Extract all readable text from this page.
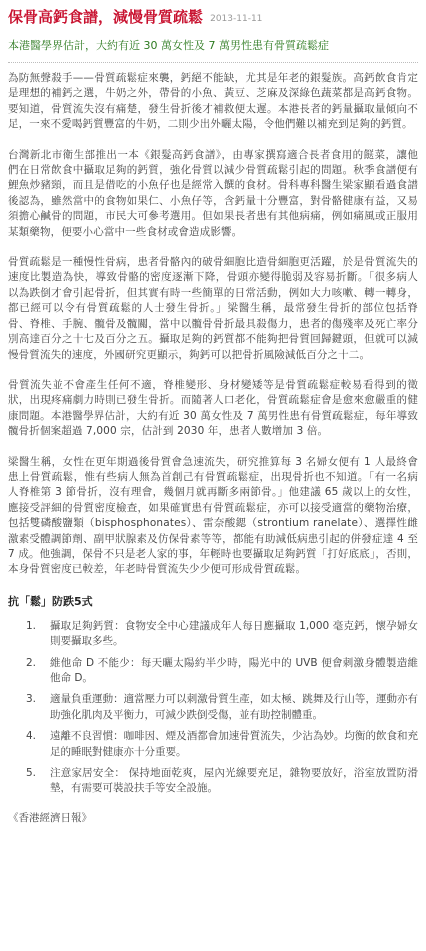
保骨高鈣食譜，減慢骨質疏鬆 2013-11-11
本港醫學界估計，大約有近 30 萬女性及 7 萬男性患有骨質疏鬆症

為防無聲殺手——骨質疏鬆症來襲，鈣絕不能缺，尤其是年老的銀髮族。高鈣飲食肯定是理想的補鈣之選，牛奶之外，帶骨的小魚、黃豆、芝麻及深綠色蔬菜都是高鈣食物。要知道，骨質流失沒有痛楚，發生骨折後才補救便太遲。本港長者的鈣量攝取量傾向不足，一來不愛喝鈣質豐富的牛奶，二則少出外曬太陽，令他們難以補充到足夠的鈣質。

台灣新北市衛生部推出一本《銀髮高鈣食譜》，由專家撰寫適合長者食用的餸菜，讓他們在日常飲食中攝取足夠的鈣質，強化骨質以減少骨質疏鬆引起的問題。秋季食譜便有鯉魚炒豬頸，而且是借吃的小魚仔也是經常入饌的食材。骨科專科醫生梁家顯看過食譜後認為，雖然當中的食物如果仁、小魚仔等，含鈣量十分豐富，對骨骼健康有益，又易須擔心鹹骨的問題，市民大可參考選用。但如果長者患有其他病痛，例如痛風或正服用某類藥物，便要小心當中一些食材或會造成影響。

骨質疏鬆是一種慢性骨病，患者骨骼內的破骨細胞比造骨細胞更活躍，於是骨質流失的速度比製造為快，導致骨骼的密度逐漸下降，骨頭亦變得脆弱及容易折斷。「很多病人以為跌倒才會引起骨折，但其實有時一些簡單的日常活動，例如大力咳嗽、轉一轉身，都已經可以令有骨質疏鬆的人士發生骨折。」梁醫生稱，最常發生骨折的部位包括脊骨、脊椎、手腕、髖骨及髖關，當中以髖骨骨折最具殺傷力，患者的傷殘率及死亡率分別高達百分之十七及百分之五。攝取足夠的鈣質都不能夠把骨質回歸鍵頭，但就可以減慢骨質流失的速度，外國研究更顯示，夠鈣可以把骨折風險減低百分之十二。

骨質流失並不會產生任何不適，脊椎變形、身材變矮等是骨質疏鬆症較易看得到的徵狀，出現疼痛劇力時則已發生骨折。而隨著人口老化，骨質疏鬆症會是愈來愈嚴重的健康問題。本港醫學界估計，大約有近 30 萬女性及 7 萬男性患有骨質疏鬆症，每年導致髖骨折個案超過 7,000 宗，估計到 2030 年，患者人數增加 3 倍。

梁醫生稱，女性在更年期過後骨質會急速流失，研究推算每 3 名婦女便有 1 人最終會患上骨質疏鬆，惟有些病人無為首創己有骨質疏鬆症，出現骨折也不知道。「有一名病人脊椎第 3 節骨折，沒有理會，幾個月就再斷多兩節骨。」他建議 65 歲以上的女性，應接受評細的骨質密度檢查，如果確實患有骨質疏鬆症，亦可以接受適當的藥物治療，包括雙磷酸鹽類（bisphosphonates）、雷奈酸鍶（strontium ranelate）、選擇性雌激素受體調節劑、副甲狀腺素及仿保骨素等等，都能有助減低病患引起的併發症達 4 至 7 成。他強調，保骨不只是老人家的事，年輕時也要攝取足夠鈣質「打好底底」，否則，本身骨質密度已較差，年老時骨質流失少少便可形成骨質疏鬆。

抗「鬆」防跌5式
1. 攝取足夠鈣質：食物安全中心建議成年人每日應攝取 1,000 毫克鈣，懷孕婦女則要攝取多些。
2. 維他命 D 不能少：每天曬太陽約半少時，陽光中的 UVB 便會刺激身體製造維他命 D。
3. 適量負重運動：適當壓力可以刺激骨質生產，如太極、跳舞及行山等，運動亦有助強化肌肉及平衡力，可減少跌倒受傷，並有助控制體重。
4. 遠離不良習慣：咖啡因、煙及酒都會加速骨質流失，少沾為妙。均衡的飲食和充足的睡眠對健康亦十分重要。
5. 注意家居安全： 保持地面乾爽，屋內光線要充足，雜物要放好，浴室放置防滑墊，有需要可裝設扶手等安全設施。
《香港經濟日報》
